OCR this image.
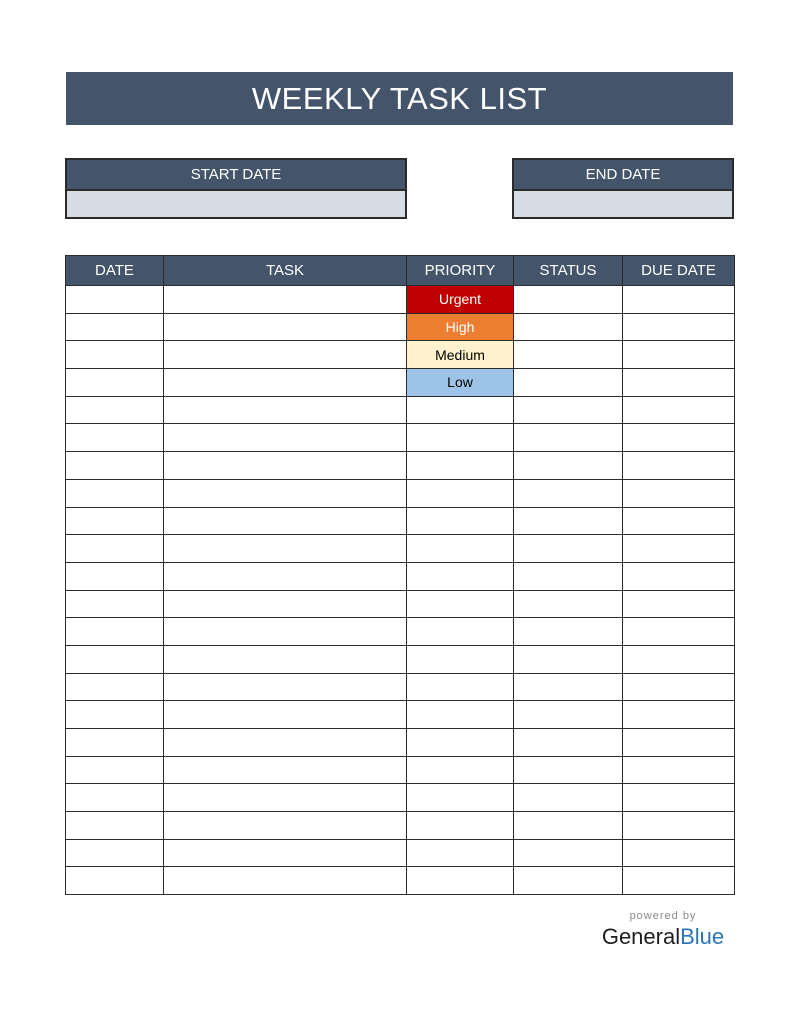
WEEKLY TASK LIST
START DATE	END DATE
DATE	TASK	PRIORITY	STATUS	DUE DATE
		Urgent		
		High		
		Medium		
		Low		

powered by
GeneralBlue
